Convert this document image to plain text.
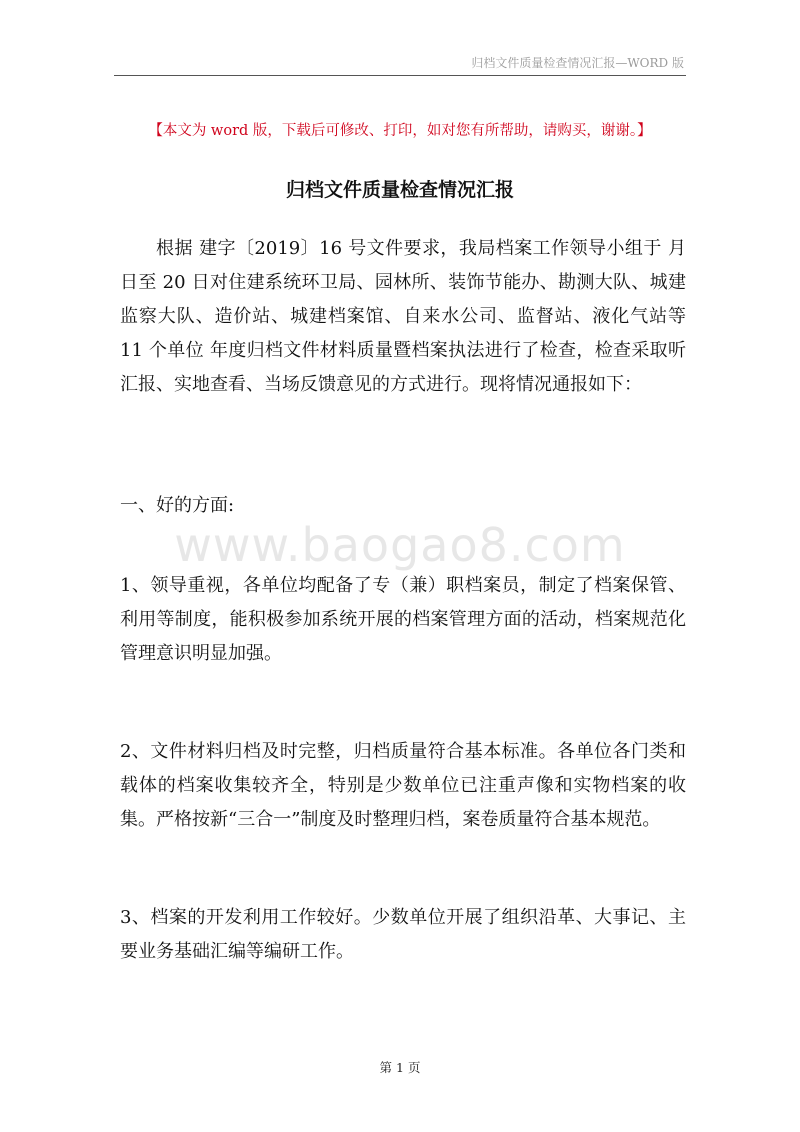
归档文件质量检查情况汇报—WORD 版
【本文为 word 版，下载后可修改、打印，如对您有所帮助，请购买，谢谢。】
归档文件质量检查情况汇报
根据 建字〔2019〕16 号文件要求，我局档案工作领导小组于 月日至 20 日对住建系统环卫局、园林所、装饰节能办、勘测大队、城建监察大队、造价站、城建档案馆、自来水公司、监督站、液化气站等 11 个单位 年度归档文件材料质量暨档案执法进行了检查，检查采取听汇报、实地查看、当场反馈意见的方式进行。现将情况通报如下：
一、好的方面:
www.baogao8.com
1、领导重视，各单位均配备了专（兼）职档案员，制定了档案保管、利用等制度，能积极参加系统开展的档案管理方面的活动，档案规范化管理意识明显加强。
2、文件材料归档及时完整，归档质量符合基本标准。各单位各门类和载体的档案收集较齐全，特别是少数单位已注重声像和实物档案的收集。严格按新“三合一”制度及时整理归档，案卷质量符合基本规范。
3、档案的开发利用工作较好。少数单位开展了组织沿革、大事记、主要业务基础汇编等编研工作。
第 1 页
